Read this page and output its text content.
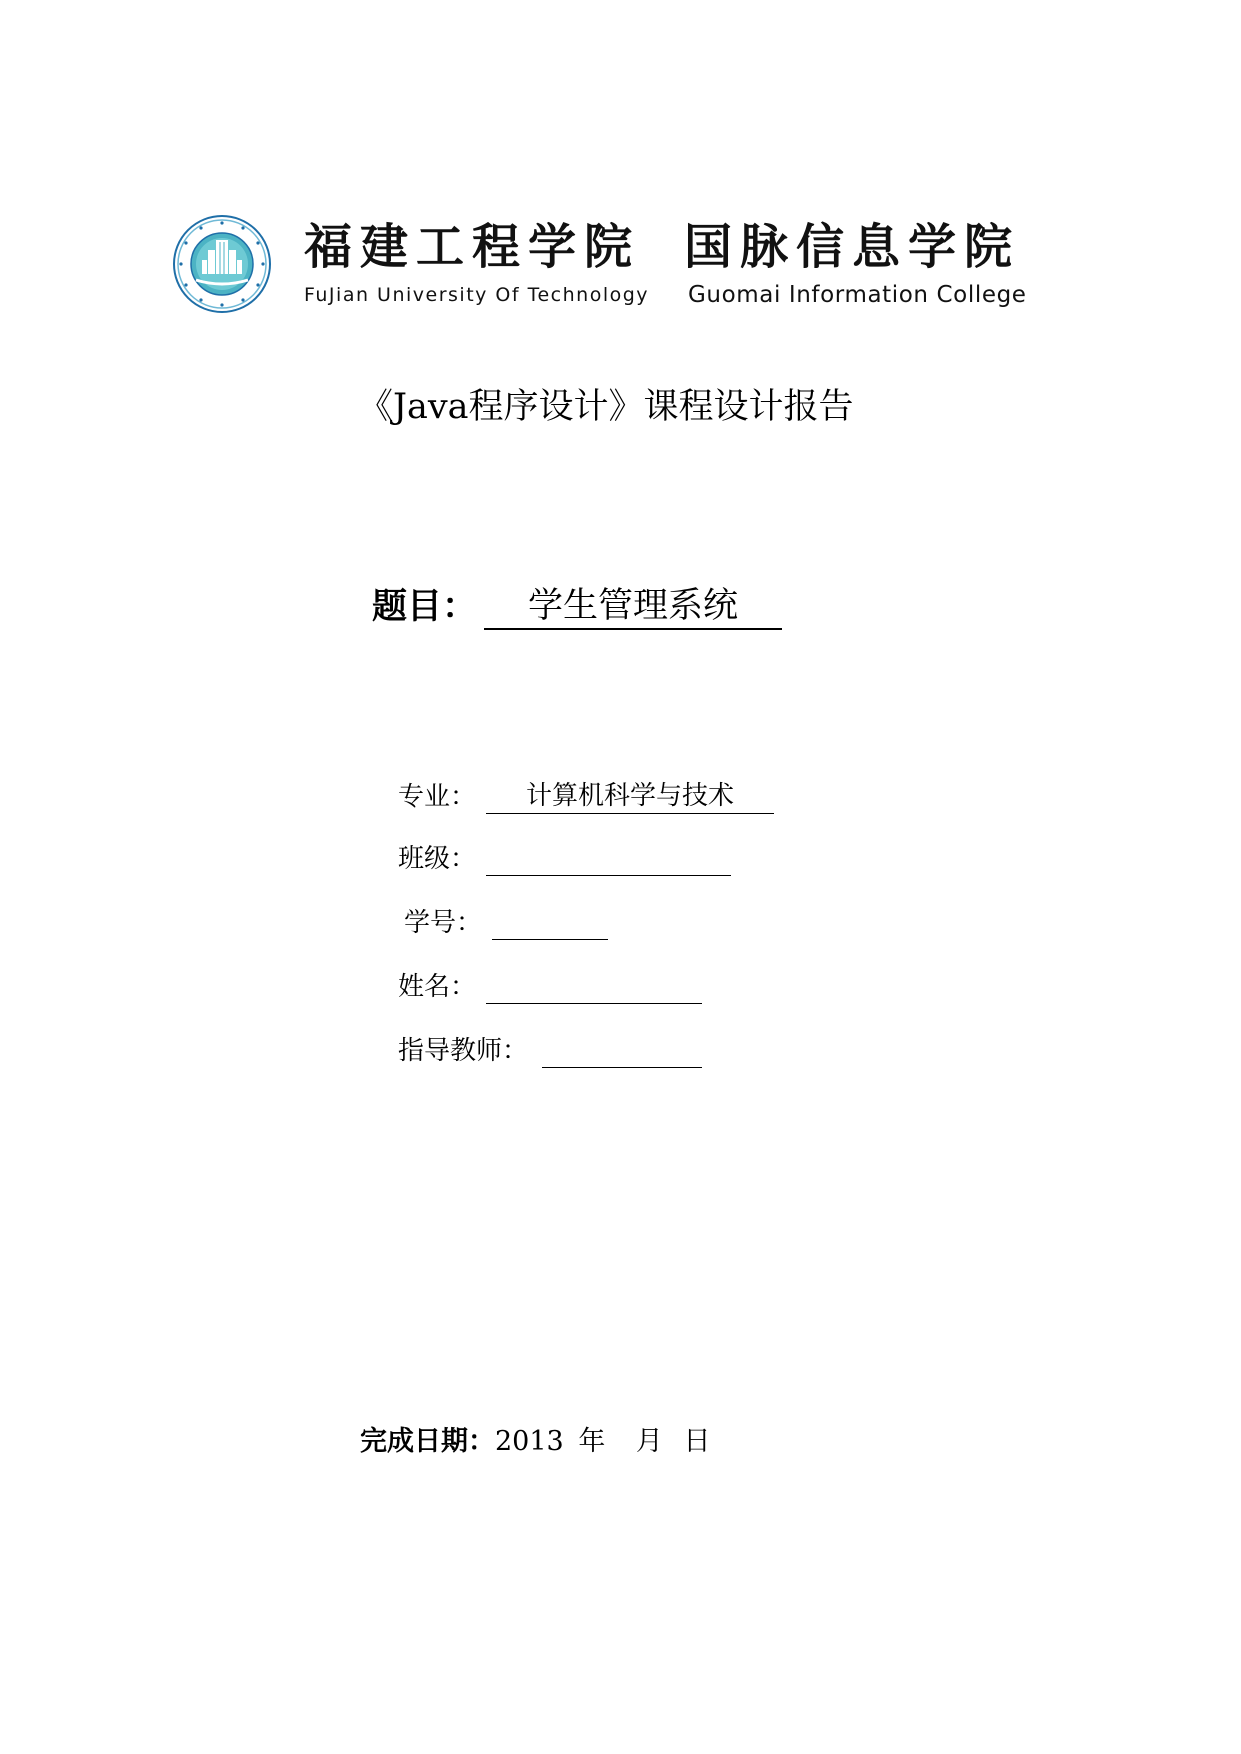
福建工程学院 国脉信息学院
FuJian University Of Technology Guomai Information College
《Java程序设计》课程设计报告
题目：	学生管理系统
专业：	计算机科学与技术
班级：
学号：
姓名：
指导教师：
完成日期：2013 年 月 日
